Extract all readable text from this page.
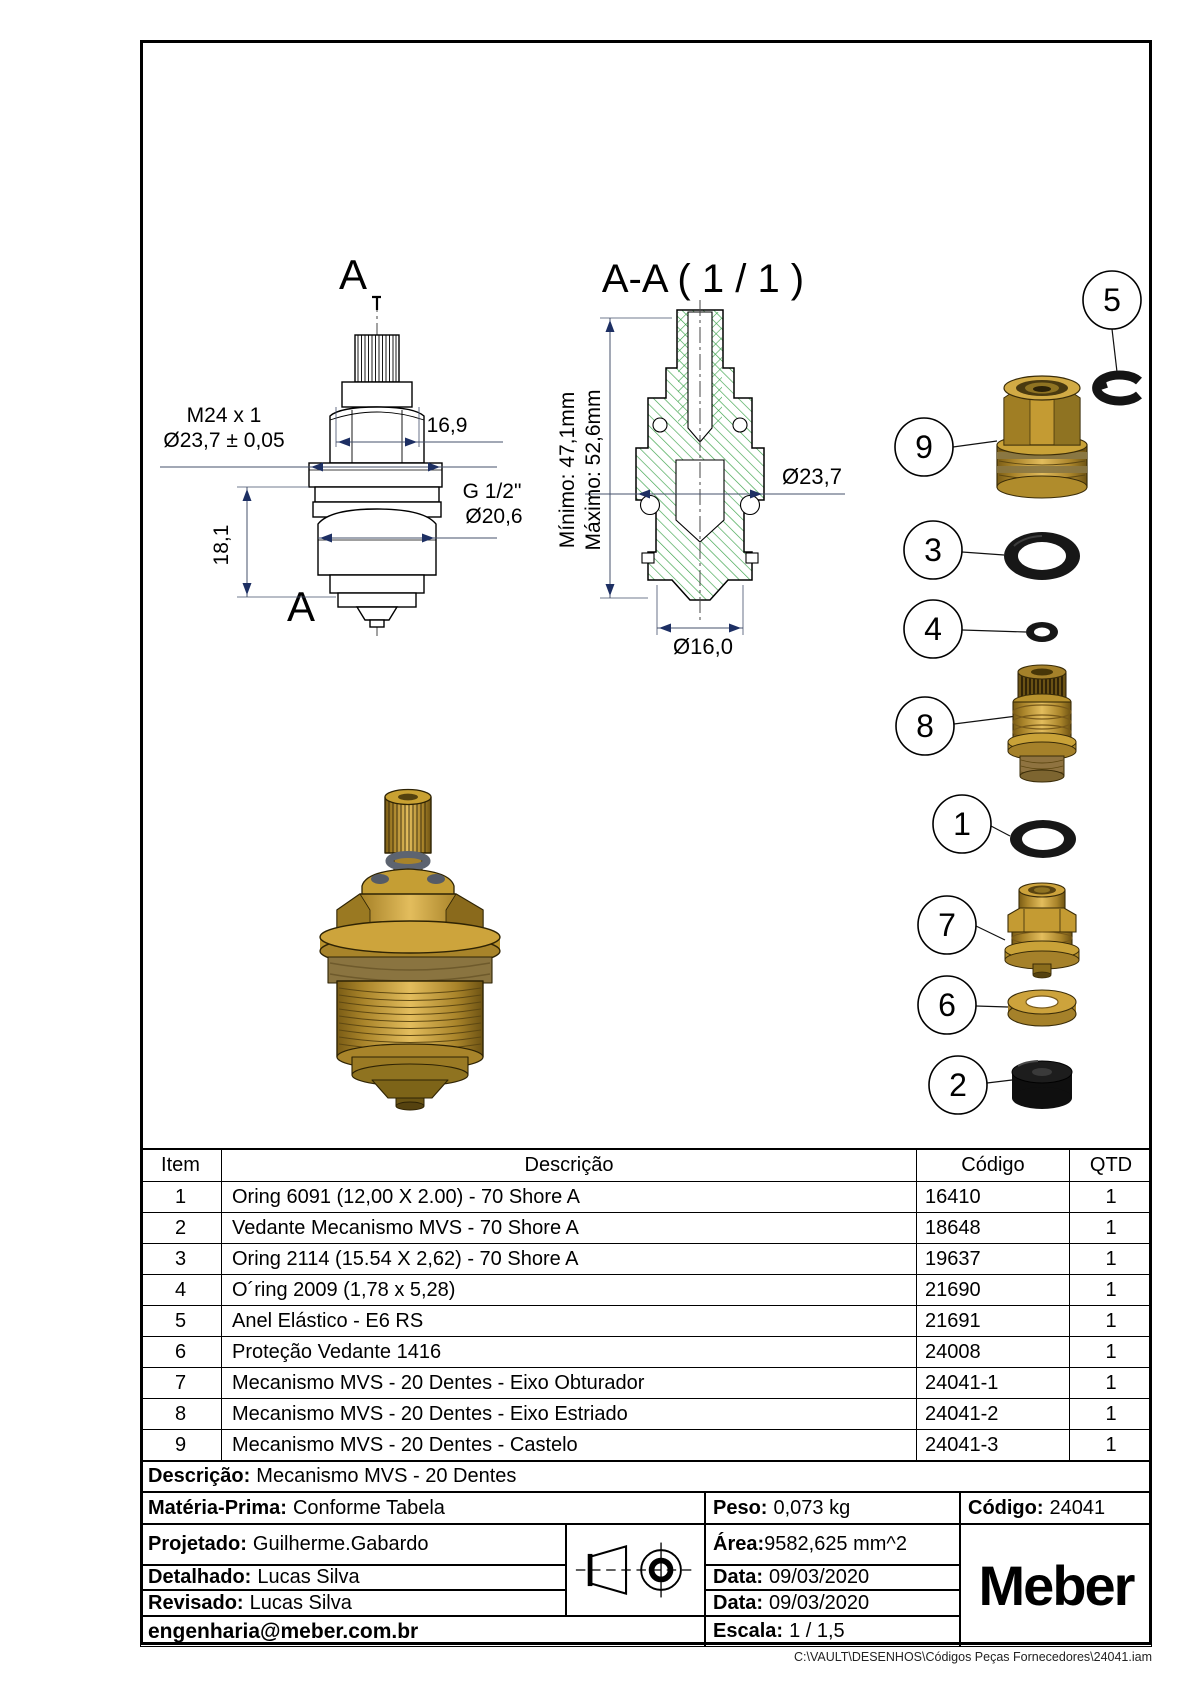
A
A
16,9
M24 x 1
Ø23,7 ± 0,05
G 1/2"
Ø20,6
18,1
A-A ( 1 / 1 )
Mínimo: 47,1mm Máximo: 52,6mm	Ø23,7
Ø16,0
5
9
3
4
8
1
7
6
2
Item	Descrição	Código	QTD
1	Oring 6091 (12,00 X 2.00) - 70 Shore A	16410	1
2	Vedante Mecanismo MVS - 70 Shore A	18648	1
3	Oring 2114 (15.54 X 2,62) - 70 Shore A	19637	1
4	O´ring 2009 (1,78 x 5,28)	21690	1
5	Anel Elástico - E6 RS	21691	1
6	Proteção Vedante 1416	24008	1
7	Mecanismo MVS - 20 Dentes - Eixo Obturador	24041-1	1
8	Mecanismo MVS - 20 Dentes - Eixo Estriado	24041-2	1
9	Mecanismo MVS - 20 Dentes - Castelo	24041-3	1
Descrição: Mecanismo MVS - 20 Dentes
Matéria-Prima: Conforme Tabela	Peso: 0,073 kg	Código: 24041
Projetado: Guilherme.Gabardo	Área: 9582,625 mm^2
Meber
Detalhado: Lucas Silva	Data: 09/03/2020
Revisado: Lucas Silva	Data: 09/03/2020
engenharia@meber.com.br	Escala: 1 / 1,5
C:\VAULT\DESENHOS\Códigos Peças Fornecedores\24041.iam
